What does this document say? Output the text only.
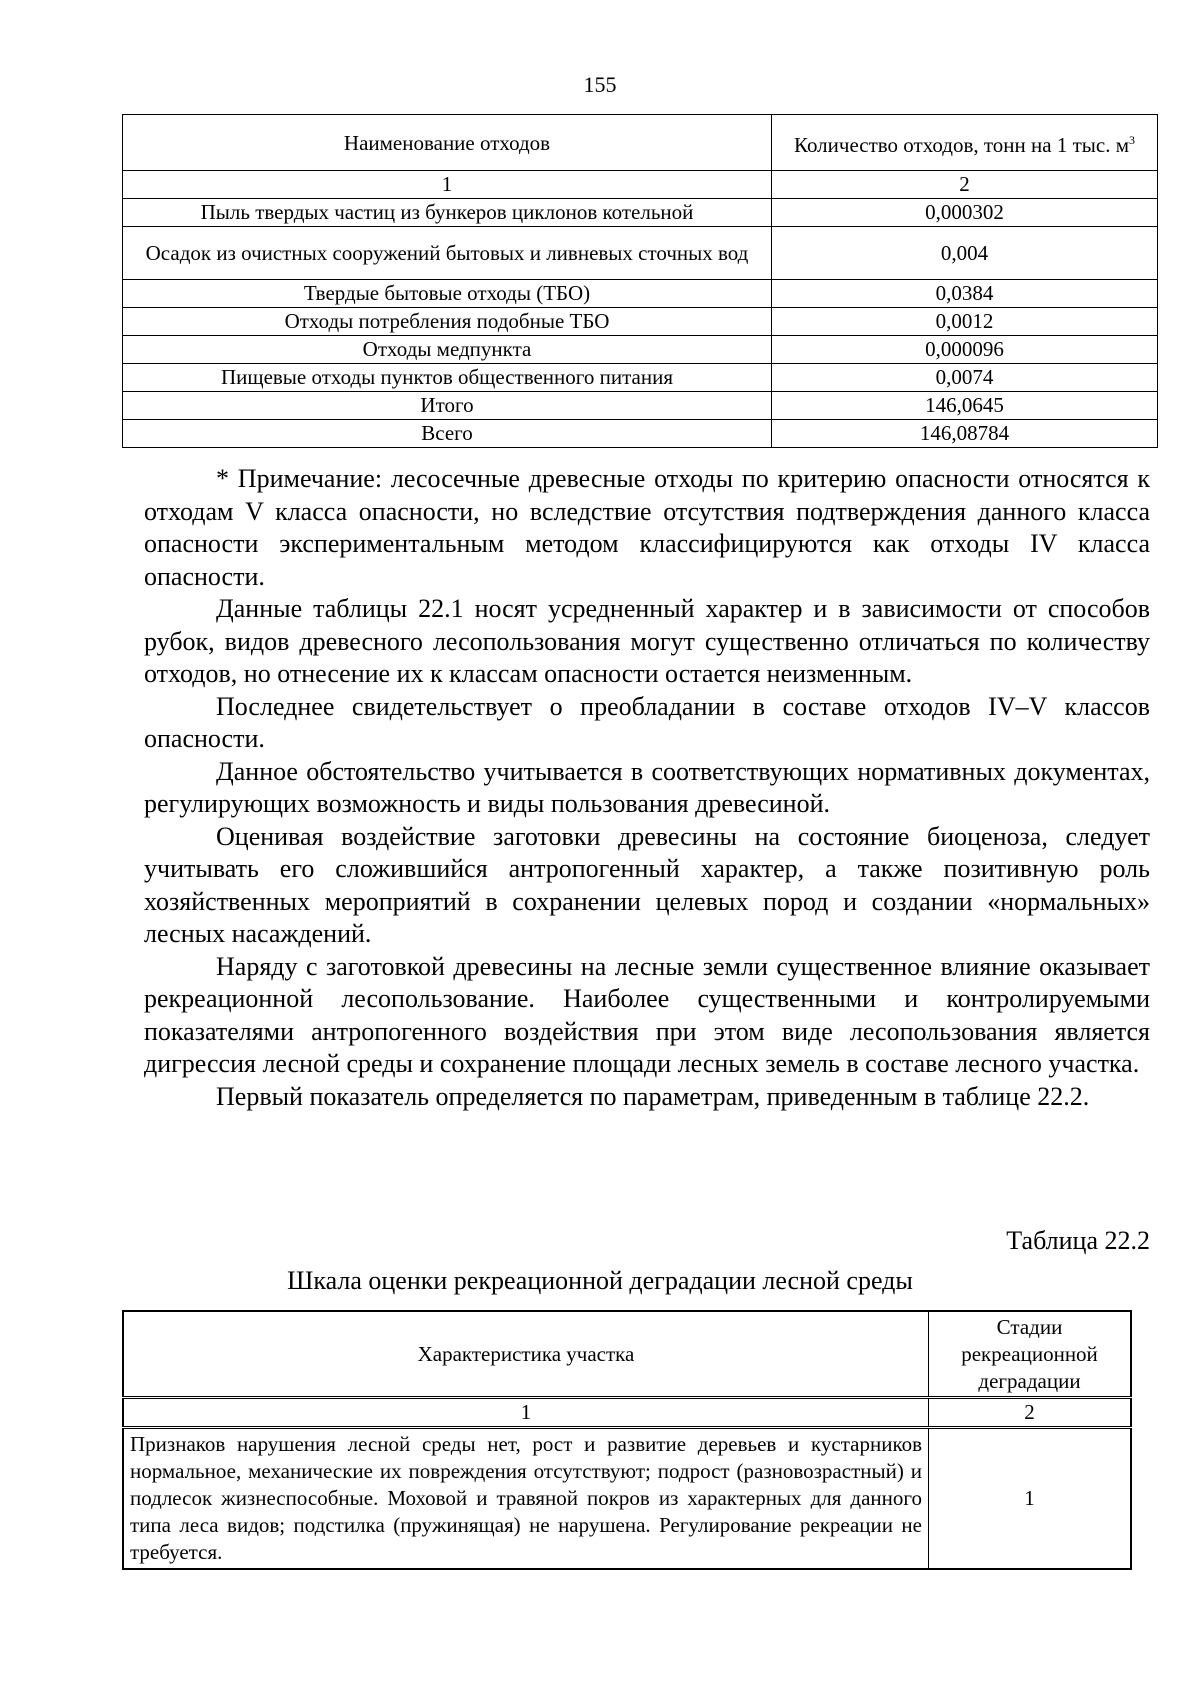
155
Наименование отходов	Количество отходов, тонн на 1 тыс. $м^3$
1	2
Пыль твердых частиц из бункеров циклонов котельной	0,000302
Осадок из очистных сооружений бытовых и ливневых сточных вод	0,004
Твердые бытовые отходы (ТБО)	0,0384
Отходы потребления подобные ТБО	0,0012
Отходы медпункта	0,000096
Пищевые отходы пунктов общественного питания	0,0074
Итого	146,0645
Всего	146,08784

* Примечание: лесосечные древесные отходы по критерию опасности относятся к отходам V класса опасности, но вследствие отсутствия подтверждения данного класса опасности экспериментальным методом классифицируются как отходы IV класса опасности.

Данные таблицы 22.1 носят усредненный характер и в зависимости от способов рубок, видов древесного лесопользования могут существенно отличаться по количеству отходов, но отнесение их к классам опасности остается неизменным.

Последнее свидетельствует о преобладании в составе отходов IV–V классов опасности.

Данное обстоятельство учитывается в соответствующих нормативных документах, регулирующих возможность и виды пользования древесиной.

Оценивая воздействие заготовки древесины на состояние биоценоза, следует учитывать его сложившийся антропогенный характер, а также позитивную роль хозяйственных мероприятий в сохранении целевых пород и создании «нормальных» лесных насаждений.

Наряду с заготовкой древесины на лесные земли существенное влияние оказывает рекреационной лесопользование. Наиболее существенными и контролируемыми показателями антропогенного воздействия при этом виде лесопользования является дигрессия лесной среды и сохранение площади лесных земель в составе лесного участка.

Первый показатель определяется по параметрам, приведенным в таблице 22.2.

Таблица 22.2
Шкала оценки рекреационной деградации лесной среды
Характеристика участка	Стадии рекреационной деградации
1	2
Признаков нарушения лесной среды нет, рост и развитие деревьев и кустарников нормальное, механические их повреждения отсутствуют; подрост (разновозрастный) и подлесок жизнеспособные. Моховой и травяной покров из характерных для данного типа леса видов; подстилка (пружинящая) не нарушена. Регулирование рекреации не требуется.	1
